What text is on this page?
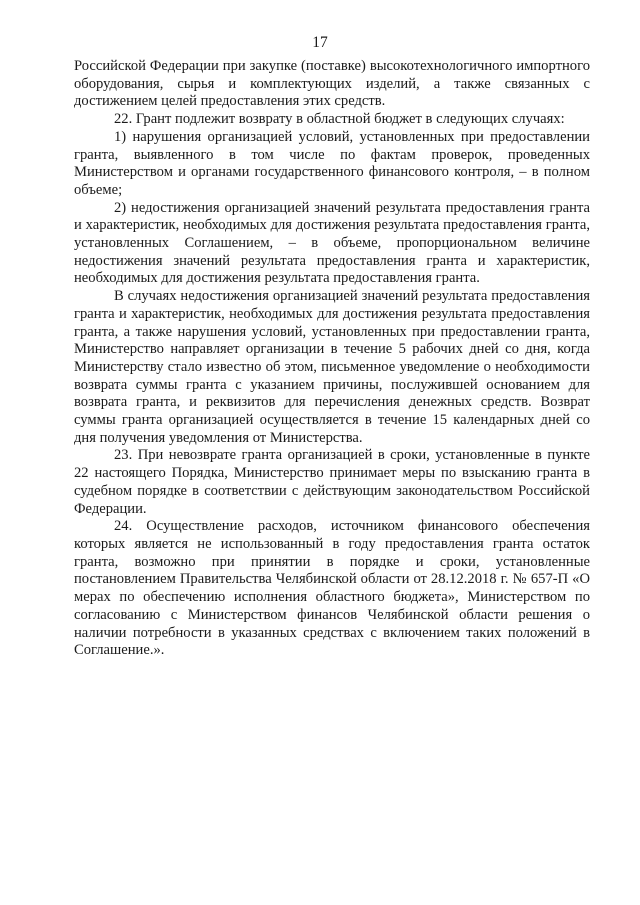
17

Российской Федерации при закупке (поставке) высокотехнологичного импортного оборудования, сырья и комплектующих изделий, а также связанных с достижением целей предоставления этих средств.

22. Грант подлежит возврату в областной бюджет в следующих случаях:

1) нарушения организацией условий, установленных при предоставлении гранта, выявленного в том числе по фактам проверок, проведенных Министерством и органами государственного финансового контроля, – в полном объеме;

2) недостижения организацией значений результата предоставления гранта и характеристик, необходимых для достижения результата предоставления гранта, установленных Соглашением, – в объеме, пропорциональном величине недостижения значений результата предоставления гранта и характеристик, необходимых для достижения результата предоставления гранта.

В случаях недостижения организацией значений результата предоставления гранта и характеристик, необходимых для достижения результата предоставления гранта, а также нарушения условий, установленных при предоставлении гранта, Министерство направляет организации в течение 5 рабочих дней со дня, когда Министерству стало известно об этом, письменное уведомление о необходимости возврата суммы гранта с указанием причины, послужившей основанием для возврата гранта, и реквизитов для перечисления денежных средств. Возврат суммы гранта организацией осуществляется в течение 15 календарных дней со дня получения уведомления от Министерства.

23. При невозврате гранта организацией в сроки, установленные в пункте 22 настоящего Порядка, Министерство принимает меры по взысканию гранта в судебном порядке в соответствии с действующим законодательством Российской Федерации.

24. Осуществление расходов, источником финансового обеспечения которых является не использованный в году предоставления гранта остаток гранта, возможно при принятии в порядке и сроки, установленные постановлением Правительства Челябинской области от 28.12.2018 г. № 657-П «О мерах по обеспечению исполнения областного бюджета», Министерством по согласованию с Министерством финансов Челябинской области решения о наличии потребности в указанных средствах с включением таких положений в Соглашение.».
